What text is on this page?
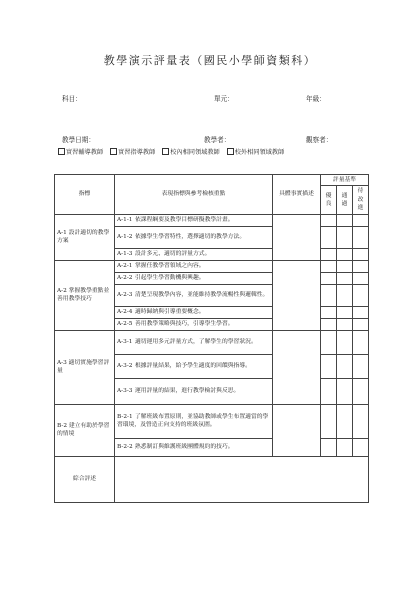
教學演示評量表（國民小學師資類科）
科目：	單元：	年級：
教學日期：	教學者：	觀察者：
實習輔導教師 實習指導教師 校內相同領域教師 校外相同領域教師
指標	表現指標與參考檢核重點	具體事實描述	評量基準		
			優良	通過	待改進
A-1 設計適切的教學方案	A-1-1 依課程綱要及教學目標研擬教學計畫。				
	A-1-2 依據學生學習特性，選擇適切的教學方法。				
	A-1-3 設計多元、適切的評量方式。				
A-2 掌握教學重點並善用教學技巧	A-2-1 掌握任教學習領域之內容。				
	A-2-2 引起學生學習動機與興趣。				
	A-2-3 清楚呈現教學內容，並能維持教學流暢性與邏輯性。				
	A-2-4 適時歸納與引導重要概念。				
	A-2-5 善用教學策略與技巧，引導學生學習。				
A-3 適切實施學習評量	A-3-1 適切運用多元評量方式，了解學生的學習狀況。				
	A-3-2 根據評量結果，給予學生適度的回饋與指導。				
	A-3-3 運用評量的結果，進行教學檢討與反思。				
B-2 建立有助於學習的情境	B-2-1 了解班級布置原則，並協助教師或學生布置適當的學習環境，及營造正向支持的班級氛圍。				
	B-2-2 熟悉制訂與維護班級團體規約的技巧。				
綜合評述					
